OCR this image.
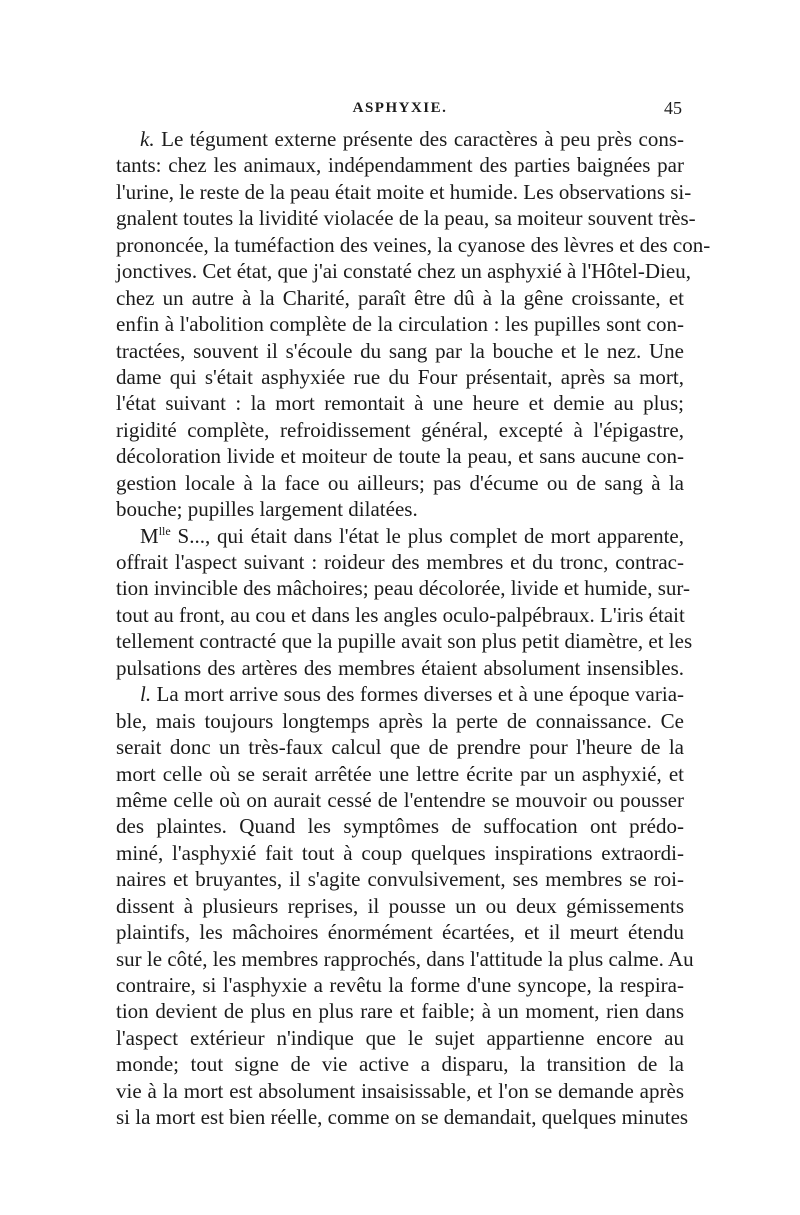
ASPHYXIE.	45
k. Le tégument externe présente des caractères à peu près cons-
tants: chez les animaux, indépendamment des parties baignées par
l'urine, le reste de la peau était moite et humide. Les observations si-
gnalent toutes la lividité violacée de la peau, sa moiteur souvent très-
prononcée, la tuméfaction des veines, la cyanose des lèvres et des con-
jonctives. Cet état, que j'ai constaté chez un asphyxié à l'Hôtel-Dieu,
chez un autre à la Charité, paraît être dû à la gêne croissante, et
enfin à l'abolition complète de la circulation : les pupilles sont con-
tractées, souvent il s'écoule du sang par la bouche et le nez. Une
dame qui s'était asphyxiée rue du Four présentait, après sa mort,
l'état suivant : la mort remontait à une heure et demie au plus;
rigidité complète, refroidissement général, excepté à l'épigastre,
décoloration livide et moiteur de toute la peau, et sans aucune con-
gestion locale à la face ou ailleurs; pas d'écume ou de sang à la
bouche; pupilles largement dilatées.
$M^{lle}$ S..., qui était dans l'état le plus complet de mort apparente,
offrait l'aspect suivant : roideur des membres et du tronc, contrac-
tion invincible des mâchoires; peau décolorée, livide et humide, sur-
tout au front, au cou et dans les angles oculo-palpébraux. L'iris était
tellement contracté que la pupille avait son plus petit diamètre, et les
pulsations des artères des membres étaient absolument insensibles.
l. La mort arrive sous des formes diverses et à une époque varia-
ble, mais toujours longtemps après la perte de connaissance. Ce
serait donc un très-faux calcul que de prendre pour l'heure de la
mort celle où se serait arrêtée une lettre écrite par un asphyxié, et
même celle où on aurait cessé de l'entendre se mouvoir ou pousser
des plaintes. Quand les symptômes de suffocation ont prédo-
miné, l'asphyxié fait tout à coup quelques inspirations extraordi-
naires et bruyantes, il s'agite convulsivement, ses membres se roi-
dissent à plusieurs reprises, il pousse un ou deux gémissements
plaintifs, les mâchoires énormément écartées, et il meurt étendu
sur le côté, les membres rapprochés, dans l'attitude la plus calme. Au
contraire, si l'asphyxie a revêtu la forme d'une syncope, la respira-
tion devient de plus en plus rare et faible; à un moment, rien dans
l'aspect extérieur n'indique que le sujet appartienne encore au
monde; tout signe de vie active a disparu, la transition de la
vie à la mort est absolument insaisissable, et l'on se demande après
si la mort est bien réelle, comme on se demandait, quelques minutes
